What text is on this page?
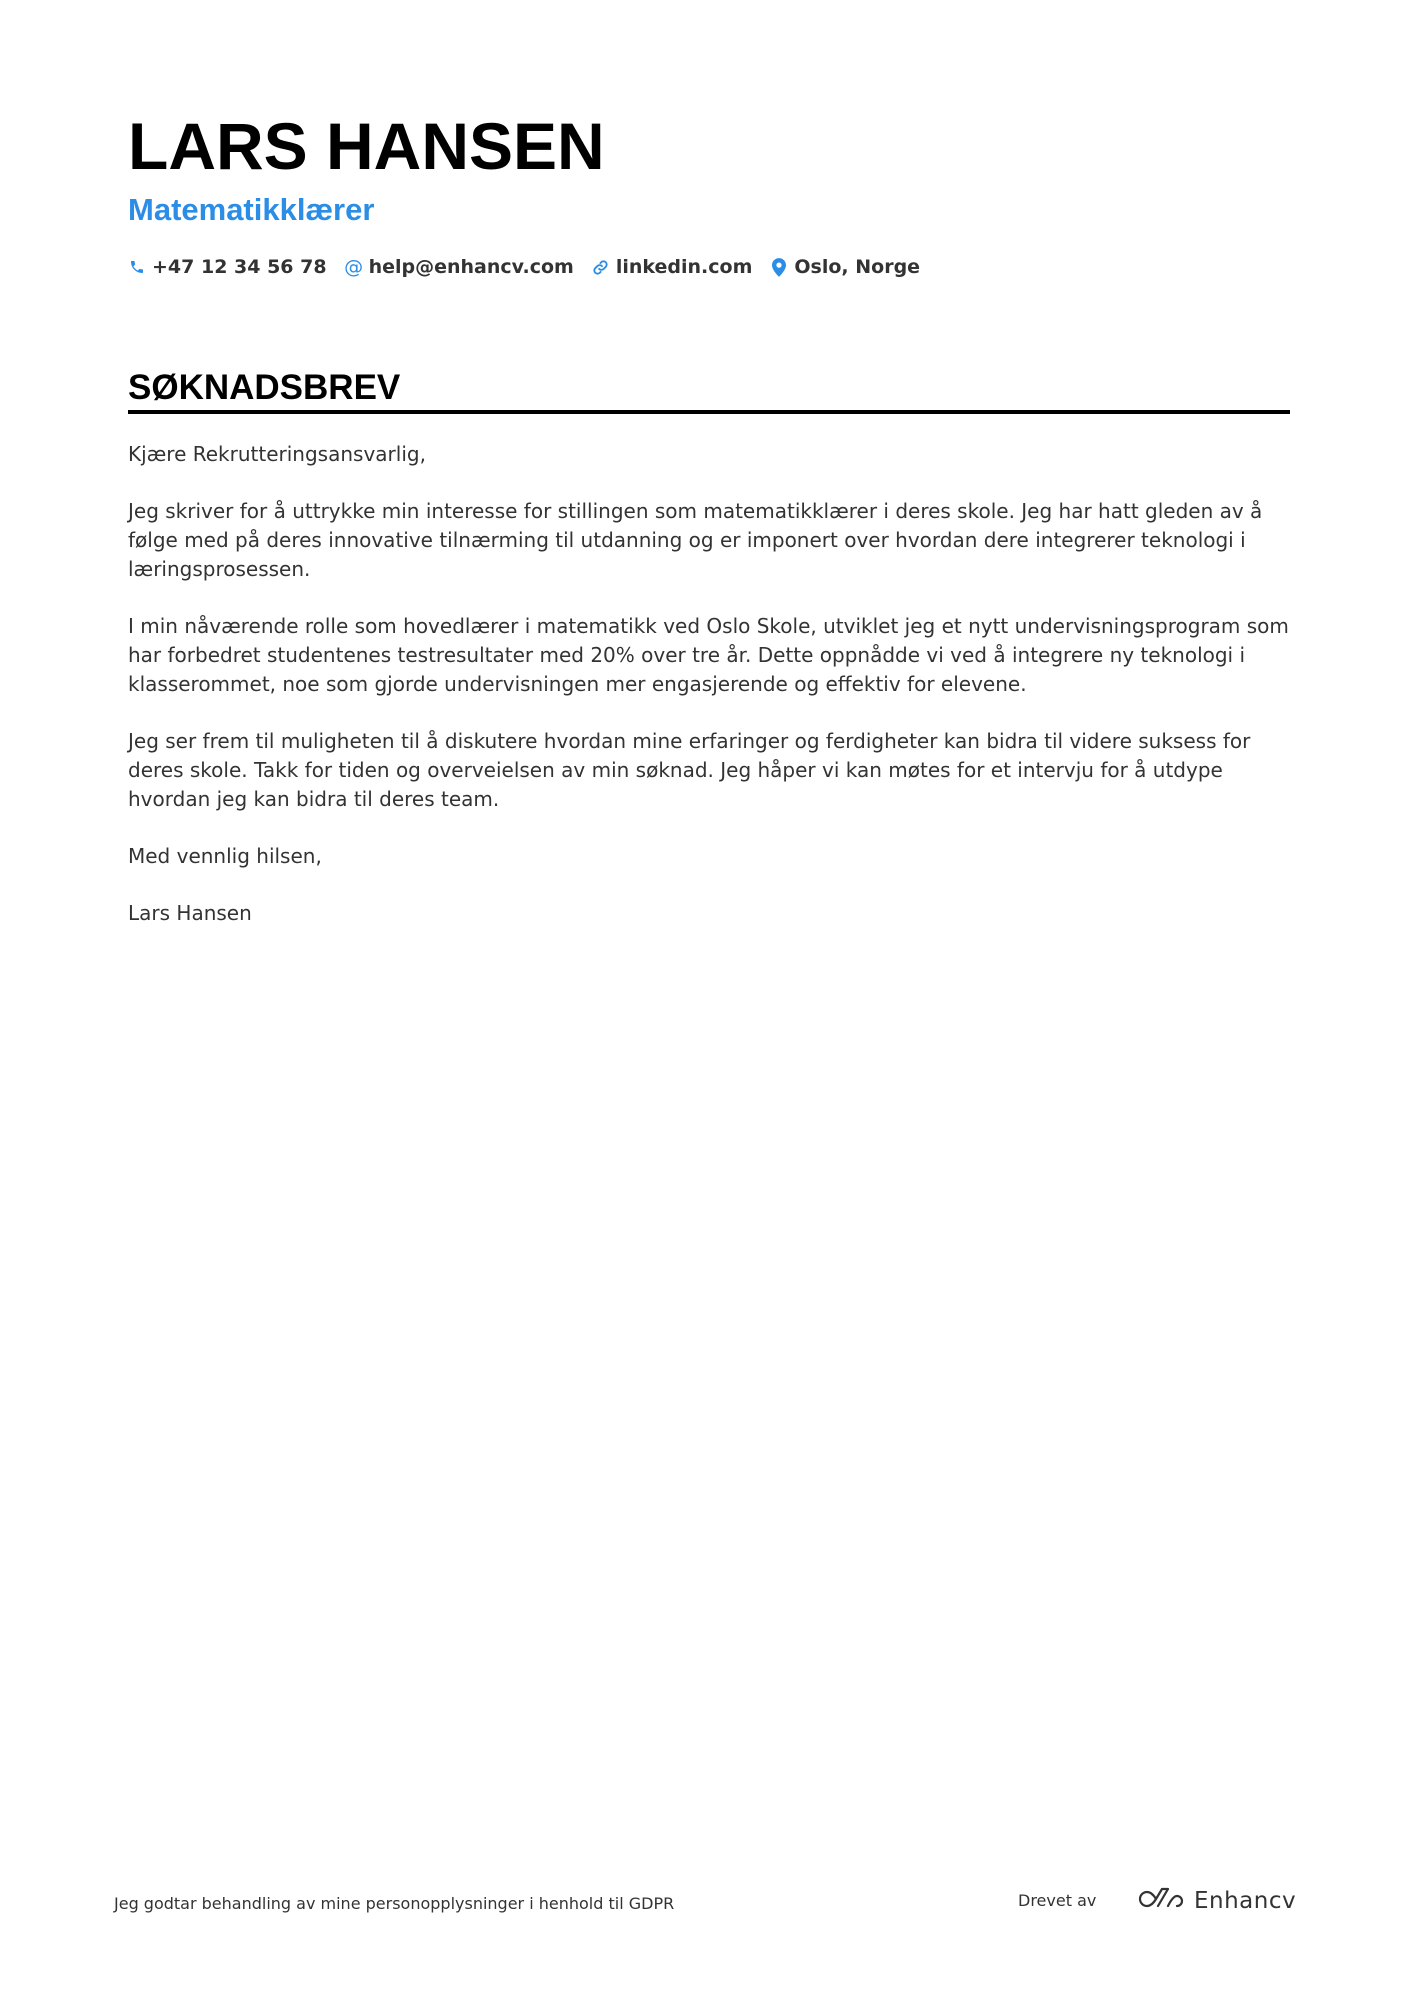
LARS HANSEN
Matematikklærer
+47 12 34 56 78 @ help@enhancv.com linkedin.com Oslo, Norge
SØKNADSBREV

Kjære Rekrutteringsansvarlig,

Jeg skriver for å uttrykke min interesse for stillingen som matematikklærer i deres skole. Jeg har hatt gleden av å følge med på deres innovative tilnærming til utdanning og er imponert over hvordan dere integrerer teknologi i læringsprosessen.

I min nåværende rolle som hovedlærer i matematikk ved Oslo Skole, utviklet jeg et nytt undervisningsprogram som har forbedret studentenes testresultater med 20% over tre år. Dette oppnådde vi ved å integrere ny teknologi i klasserommet, noe som gjorde undervisningen mer engasjerende og effektiv for elevene.

Jeg ser frem til muligheten til å diskutere hvordan mine erfaringer og ferdigheter kan bidra til videre suksess for deres skole. Takk for tiden og overveielsen av min søknad. Jeg håper vi kan møtes for et intervju for å utdype hvordan jeg kan bidra til deres team.

Med vennlig hilsen,

Lars Hansen

Jeg godtar behandling av mine personopplysninger i henhold til GDPR	Drevet av	Enhancv
